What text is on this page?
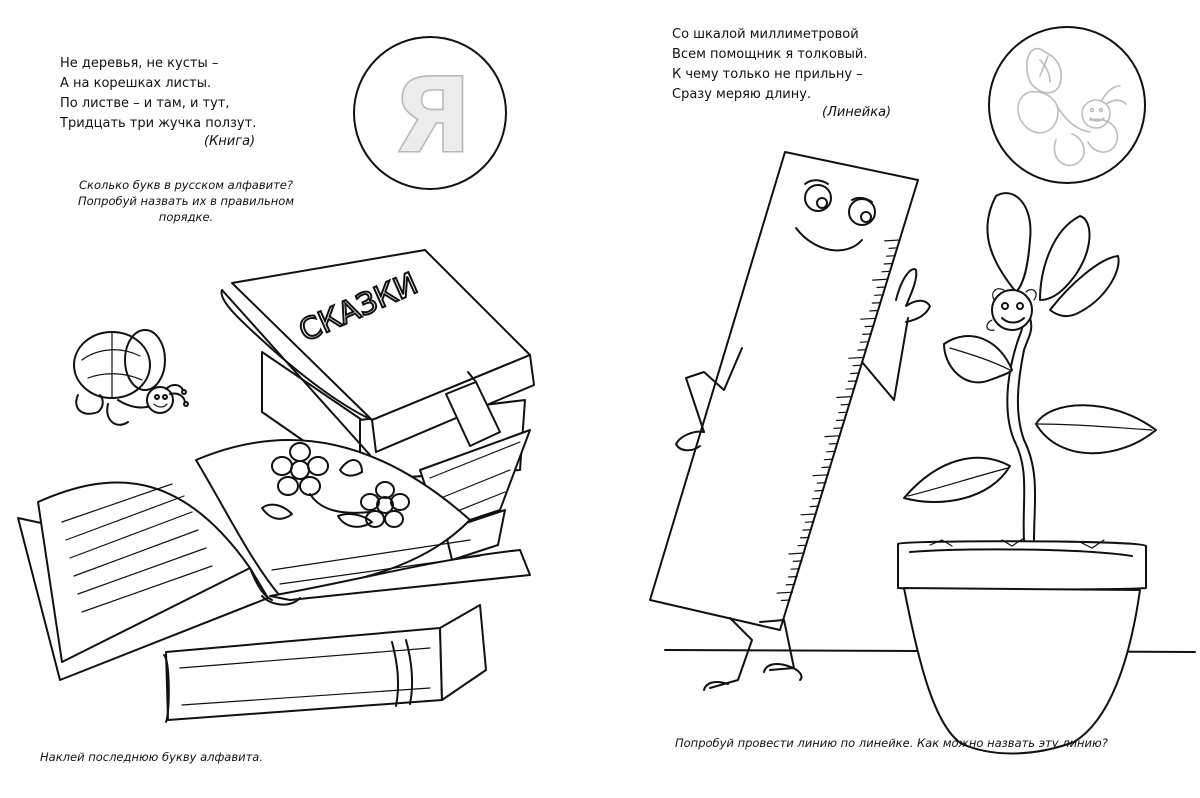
Я
СКАЗКИ

Не деревья, не кусты –
А на корешках листы.
По листве – и там, и тут,
Тридцать три жучка ползут.

(Книга)

Сколько букв в русском алфавите?
Попробуй назвать их в правильном
порядке.

Наклей последнюю букву алфавита.

Со шкалой миллиметровой
Всем помощник я толковый.
К чему только не прильну –
Сразу меряю длину.

(Линейка)

Попробуй провести линию по линейке. Как можно назвать эту линию?
